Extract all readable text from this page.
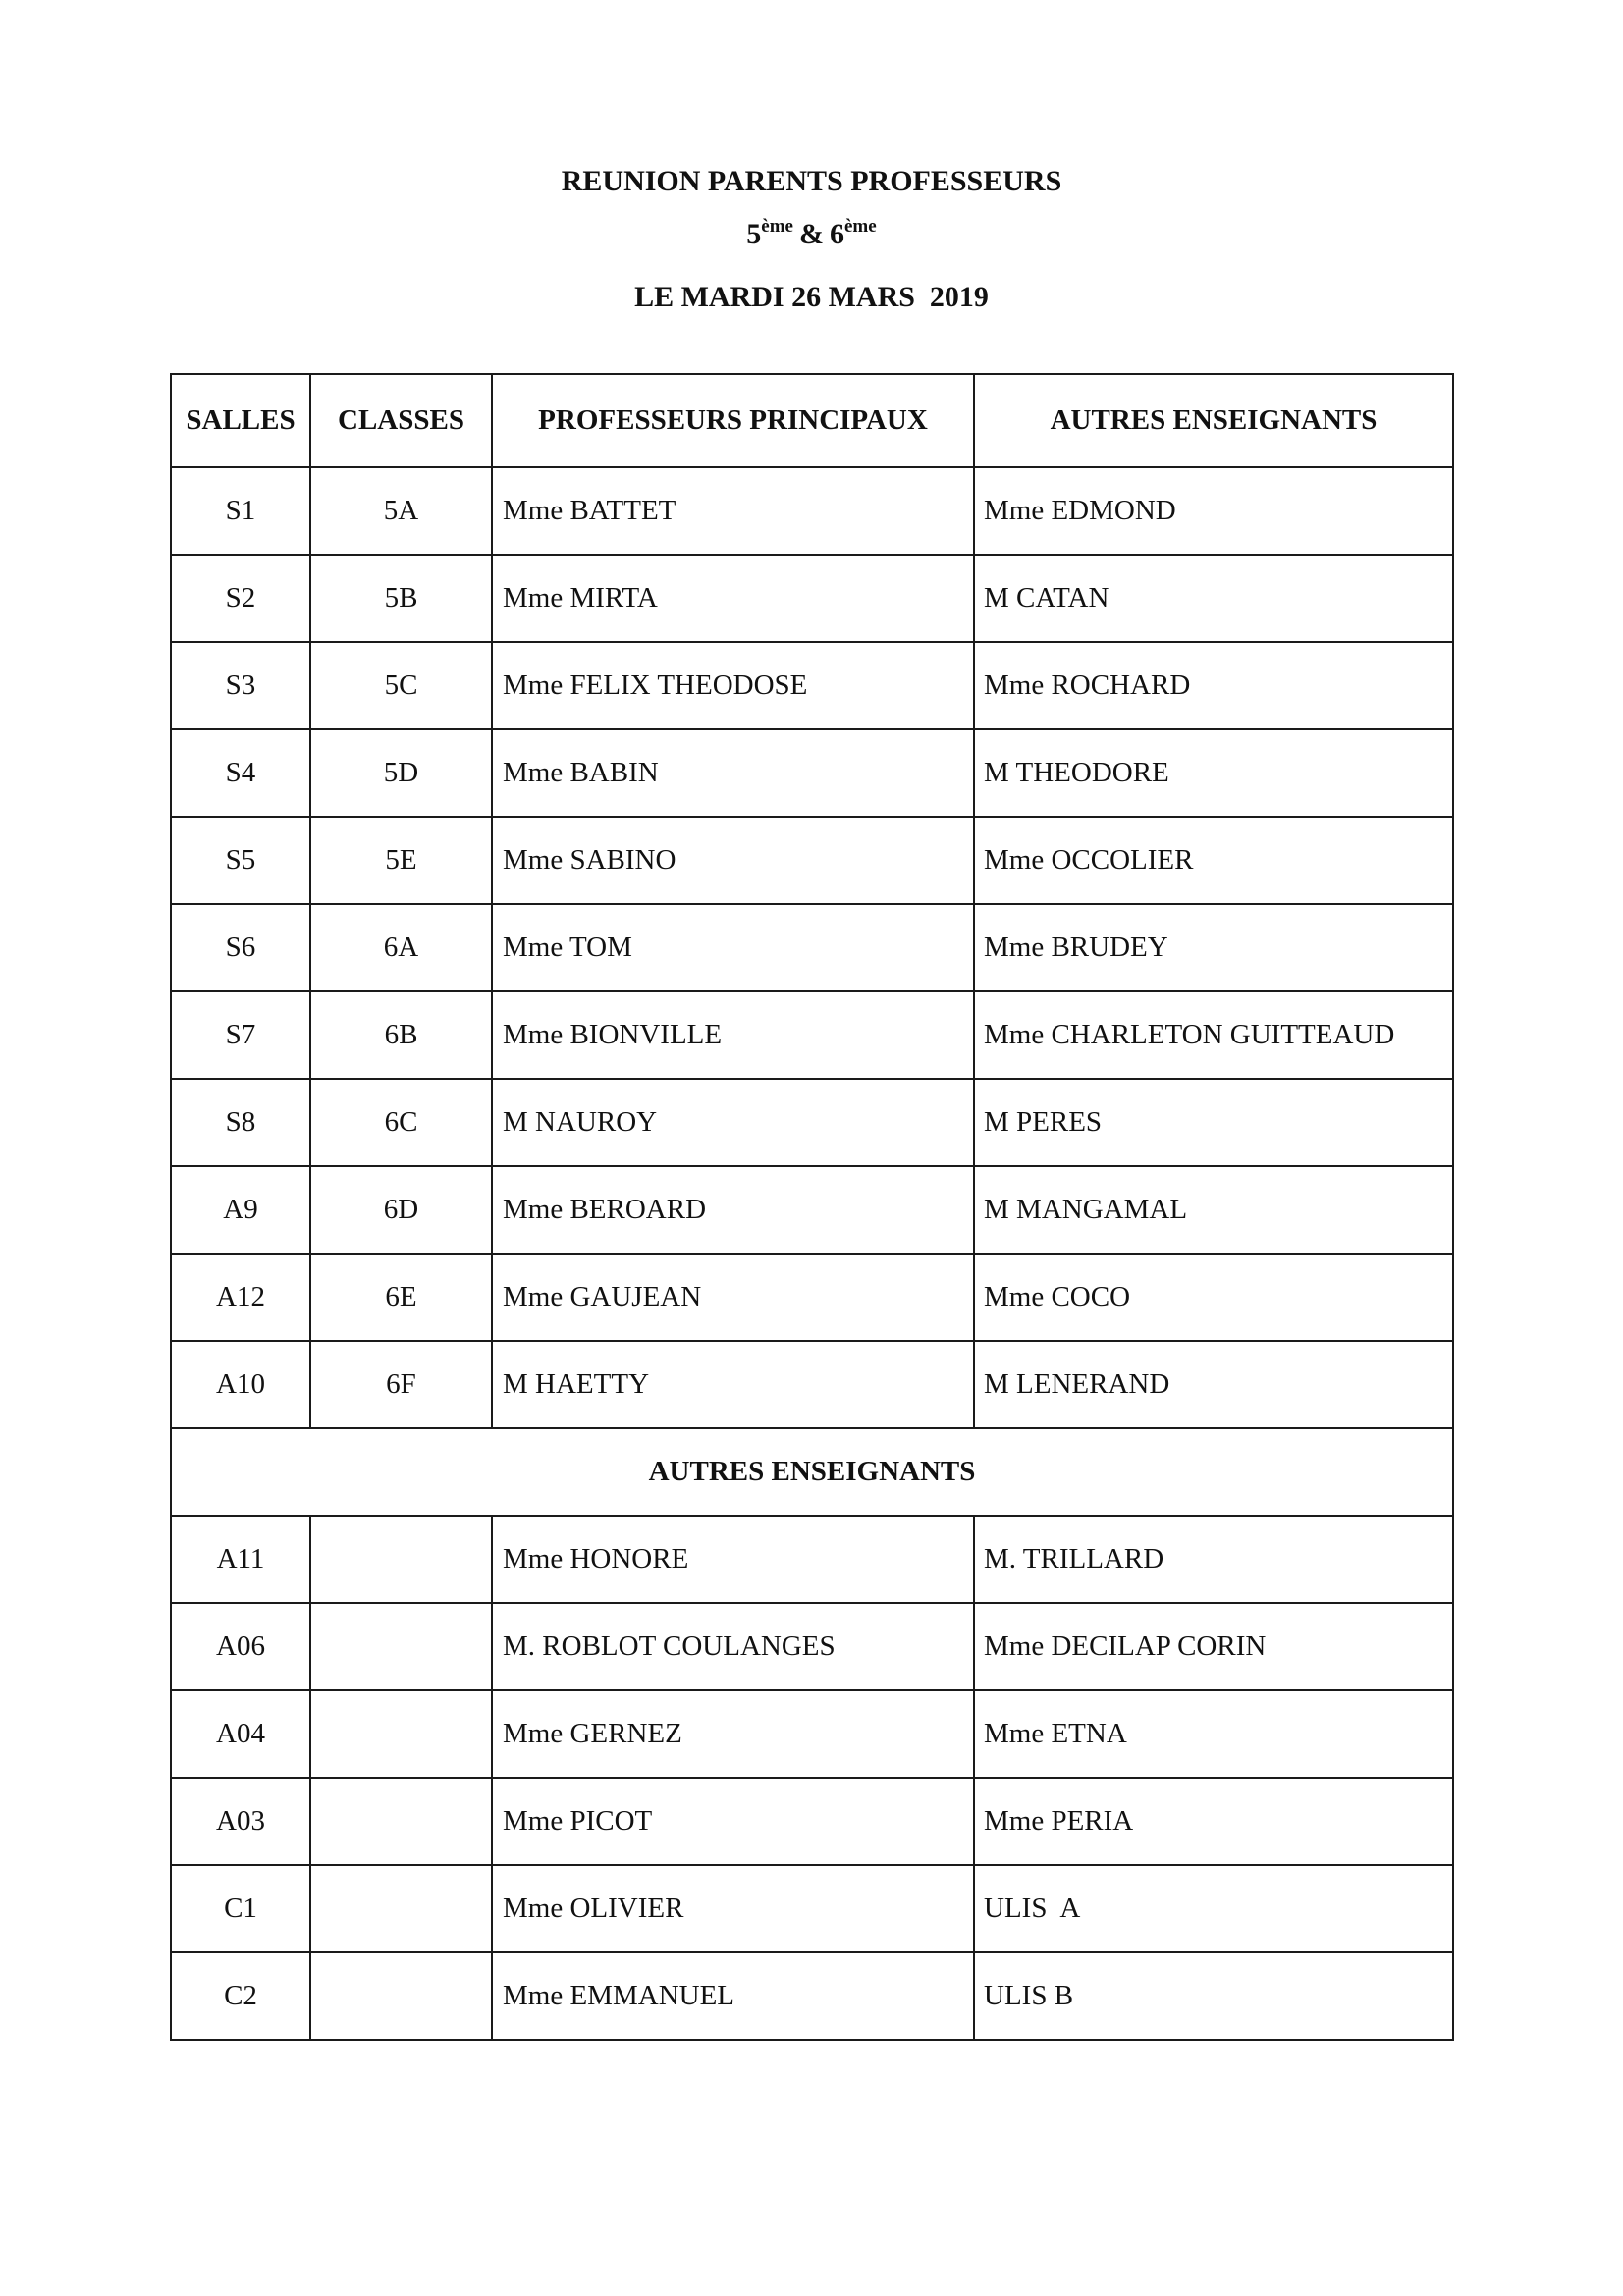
REUNION PARENTS PROFESSEURS
5ème & 6ème
LE MARDI 26 MARS  2019
SALLES	CLASSES	PROFESSEURS PRINCIPAUX	AUTRES ENSEIGNANTS
S1	5A	Mme BATTET	Mme EDMOND
S2	5B	Mme MIRTA	M CATAN
S3	5C	Mme FELIX THEODOSE	Mme ROCHARD
S4	5D	Mme BABIN	M THEODORE
S5	5E	Mme SABINO	Mme OCCOLIER
S6	6A	Mme TOM	Mme BRUDEY
S7	6B	Mme BIONVILLE	Mme CHARLETON GUITTEAUD
S8	6C	M NAUROY	M PERES
A9	6D	Mme BEROARD	M MANGAMAL
A12	6E	Mme GAUJEAN	Mme COCO
A10	6F	M HAETTY	M LENERAND
AUTRES ENSEIGNANTS			
A11		Mme HONORE	M. TRILLARD
A06		M. ROBLOT COULANGES	Mme DECILAP CORIN
A04		Mme GERNEZ	Mme ETNA
A03		Mme PICOT	Mme PERIA
C1		Mme OLIVIER	ULIS  A
C2		Mme EMMANUEL	ULIS B
